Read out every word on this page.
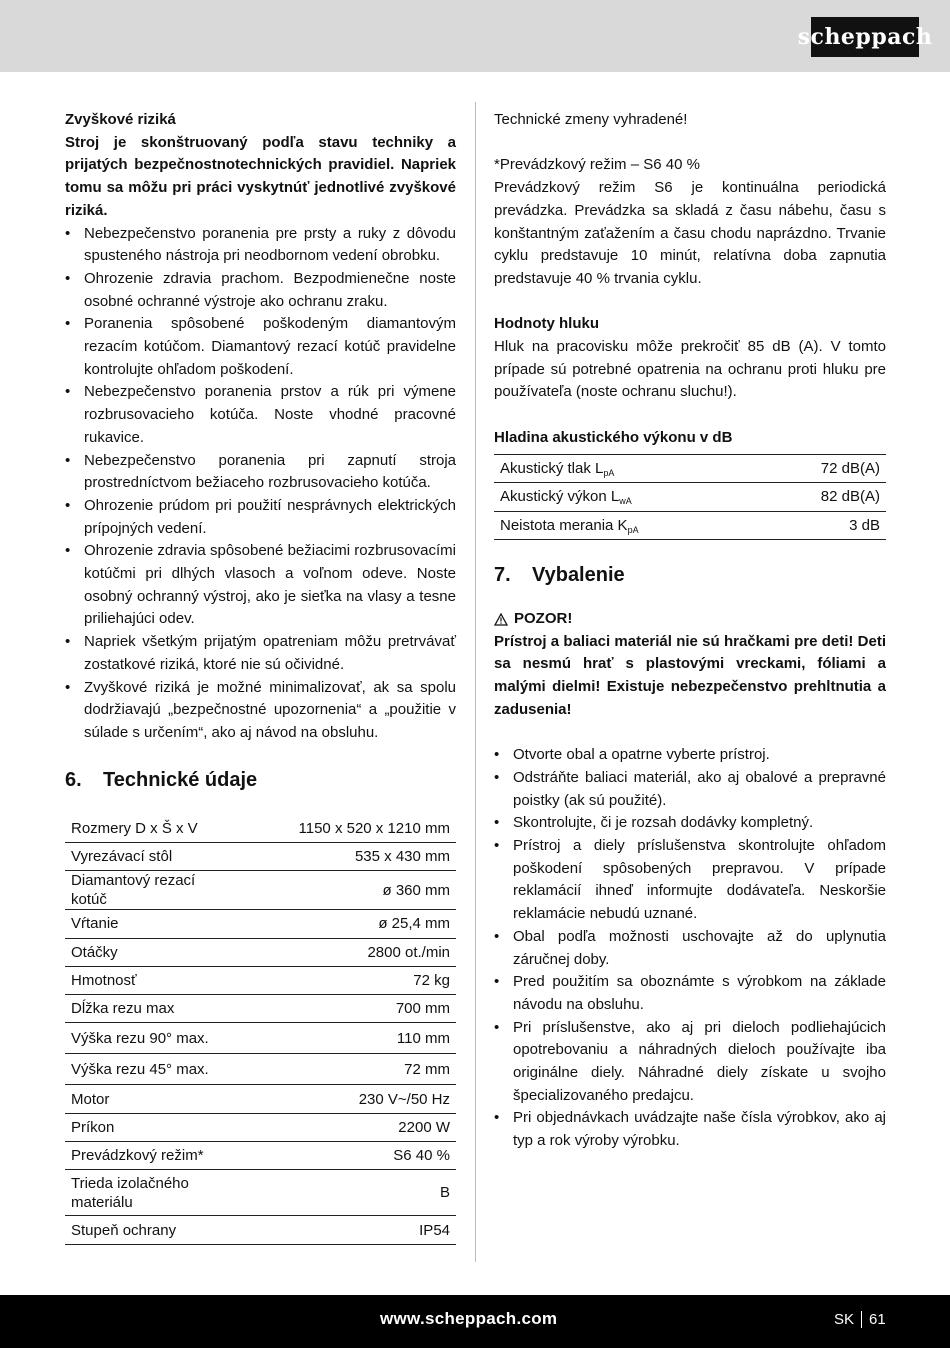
scheppach

Zvyškové riziká

Stroj je skonštruovaný podľa stavu techniky a prijatých bezpečnostnotechnických pravidiel. Napriek tomu sa môžu pri práci vyskytnúť jednotlivé zvyškové riziká.

• Nebezpečenstvo poranenia pre prsty a ruky z dôvodu spusteného nástroja pri neodbornom vedení obrobku.
• Ohrozenie zdravia prachom. Bezpodmienečne noste osobné ochranné výstroje ako ochranu zraku.
• Poranenia spôsobené poškodeným diamantovým rezacím kotúčom. Diamantový rezací kotúč pravidelne kontrolujte ohľadom poškodení.
• Nebezpečenstvo poranenia prstov a rúk pri výmene rozbrusovacieho kotúča. Noste vhodné pracovné rukavice.
• Nebezpečenstvo poranenia pri zapnutí stroja prostredníctvom bežiaceho rozbrusovacieho kotúča.
• Ohrozenie prúdom pri použití nesprávnych elektrických prípojných vedení.
• Ohrozenie zdravia spôsobené bežiacimi rozbrusovacími kotúčmi pri dlhých vlasoch a voľnom odeve. Noste osobný ochranný výstroj, ako je sieťka na vlasy a tesne priliehajúci odev.
• Napriek všetkým prijatým opatreniam môžu pretrvávať zostatkové riziká, ktoré nie sú očividné.
• Zvyškové riziká je možné minimalizovať, ak sa spolu dodržiavajú „bezpečnostné upozornenia“ a „použitie v súlade s určením“, ako aj návod na obsluhu.
6.	Technické údaje
Rozmery D x Š x V	1150 x 520 x 1210 mm
Vyrezávací stôl	535 x 430 mm
Diamantový rezací kotúč	ø 360 mm
Vŕtanie	ø 25,4 mm
Otáčky	2800 ot./min
Hmotnosť	72 kg
Dĺžka rezu max	700 mm
Výška rezu 90° max.	110 mm
Výška rezu 45° max.	72 mm
Motor	230 V~/50 Hz
Príkon	2200 W
Prevádzkový režim*	S6 40 %
Trieda izolačného materiálu	B
Stupeň ochrany	IP54

Technické zmeny vyhradené!

*Prevádzkový režim – S6 40 %

Prevádzkový režim S6 je kontinuálna periodická prevádzka. Prevádzka sa skladá z času nábehu, času s konštantným zaťažením a času chodu naprázdno. Trvanie cyklu predstavuje 10 minút, relatívna doba zapnutia predstavuje 40 % trvania cyklu.

Hodnoty hluku

Hluk na pracovisku môže prekročiť 85 dB (A). V tomto prípade sú potrebné opatrenia na ochranu proti hluku pre používateľa (noste ochranu sluchu!).

Hladina akustického výkonu v dB

Akustický tlak $L_{pA}$	72 dB(A)
Akustický výkon $L_{wA}$	82 dB(A)
Neistota merania $K_{pA}$	3 dB
7.	Vybalenie

POZOR!

Prístroj a baliaci materiál nie sú hračkami pre deti! Deti sa nesmú hrať s plastovými vreckami, fóliami a malými dielmi! Existuje nebezpečenstvo prehltnutia a zadusenia!

• Otvorte obal a opatrne vyberte prístroj.
• Odstráňte baliaci materiál, ako aj obalové a prepravné poistky (ak sú použité).
• Skontrolujte, či je rozsah dodávky kompletný.
• Prístroj a diely príslušenstva skontrolujte ohľadom poškodení spôsobených prepravou. V prípade reklamácií ihneď informujte dodávateľa. Neskoršie reklamácie nebudú uznané.
• Obal podľa možnosti uschovajte až do uplynutia záručnej doby.
• Pred použitím sa oboznámte s výrobkom na základe návodu na obsluhu.
• Pri príslušenstve, ako aj pri dieloch podliehajúcich opotrebovaniu a náhradných dieloch používajte iba originálne diely. Náhradné diely získate u svojho špecializovaného predajcu.
• Pri objednávkach uvádzajte naše čísla výrobkov, ako aj typ a rok výroby výrobku.
www.scheppach.com	SK 61
